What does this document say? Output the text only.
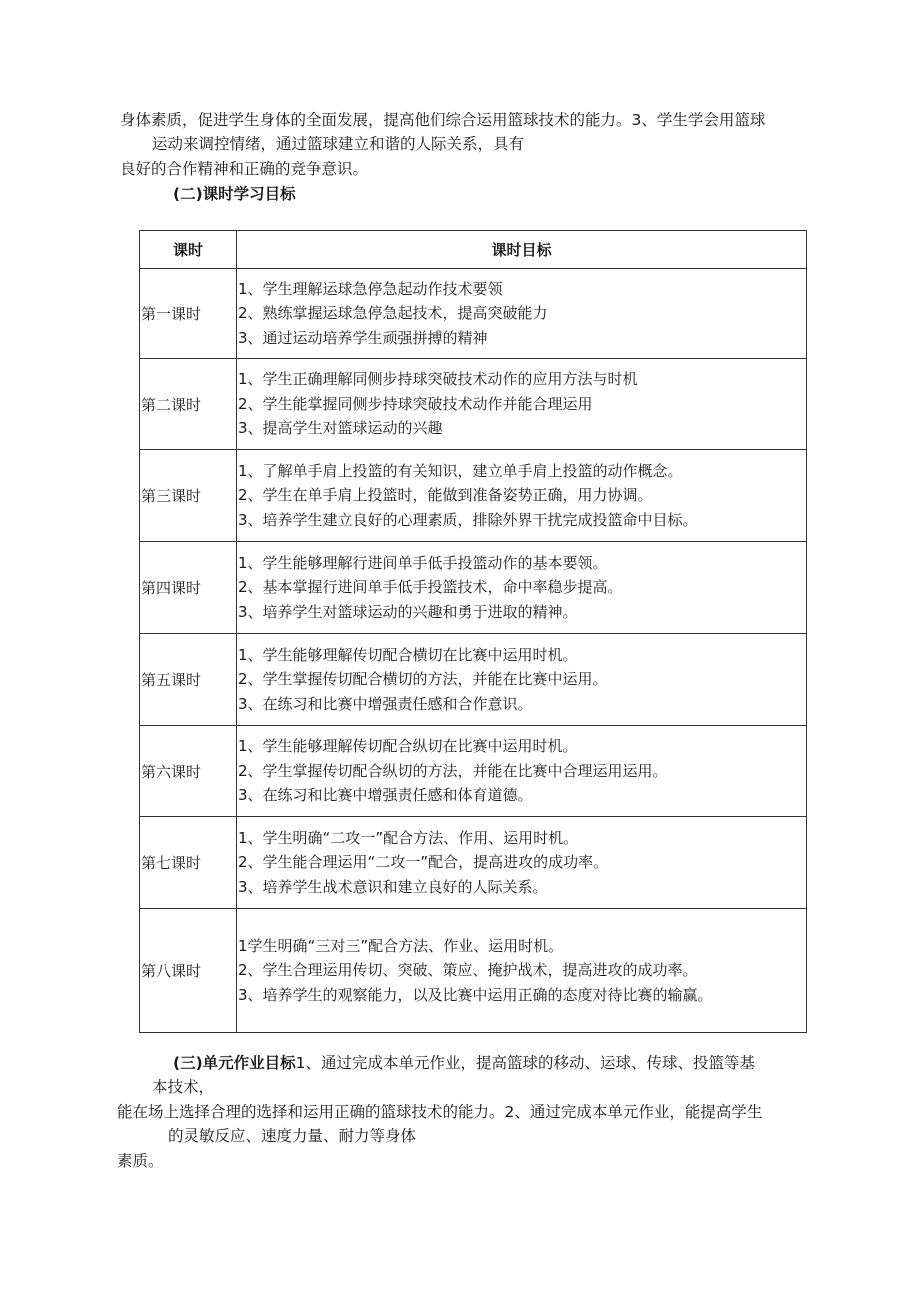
身体素质，促进学生身体的全面发展，提高他们综合运用篮球技术的能力。3、学生学会用篮球
运动来调控情绪，通过篮球建立和谐的人际关系，具有
良好的合作精神和正确的竞争意识。
(二)课时学习目标
课时	课时目标
第一课时	1、学生理解运球急停急起动作技术要领
2、熟练掌握运球急停急起技术，提高突破能力
3、通过运动培养学生顽强拼搏的精神

第二课时	1、学生正确理解同侧步持球突破技术动作的应用方法与时机
2、学生能掌握同侧步持球突破技术动作并能合理运用
3、提高学生对篮球运动的兴趣

第三课时	1、了解单手肩上投篮的有关知识，建立单手肩上投篮的动作概念。
2、学生在单手肩上投篮时，能做到准备姿势正确，用力协调。
3、培养学生建立良好的心理素质，排除外界干扰完成投篮命中目标。

第四课时	1、学生能够理解行进间单手低手投篮动作的基本要领。
2、基本掌握行进间单手低手投篮技术，命中率稳步提高。
3、培养学生对篮球运动的兴趣和勇于进取的精神。

第五课时	1、学生能够理解传切配合横切在比赛中运用时机。
2、学生掌握传切配合横切的方法，并能在比赛中运用。
3、在练习和比赛中增强责任感和合作意识。

第六课时	1、学生能够理解传切配合纵切在比赛中运用时机。
2、学生掌握传切配合纵切的方法，并能在比赛中合理运用运用。
3、在练习和比赛中增强责任感和体育道德。

第七课时	1、学生明确“二攻一”配合方法、作用、运用时机。
2、学生能合理运用“二攻一”配合，提高进攻的成功率。
3、培养学生战术意识和建立良好的人际关系。

第八课时	1学生明确“三对三”配合方法、作业、运用时机。
2、学生合理运用传切、突破、策应、掩护战术，提高进攻的成功率。
3、培养学生的观察能力，以及比赛中运用正确的态度对待比赛的输赢。
(三)单元作业目标1、通过完成本单元作业，提高篮球的移动、运球、传球、投篮等基
本技术，
能在场上选择合理的选择和运用正确的篮球技术的能力。2、通过完成本单元作业，能提高学生
的灵敏反应、速度力量、耐力等身体
素质。
